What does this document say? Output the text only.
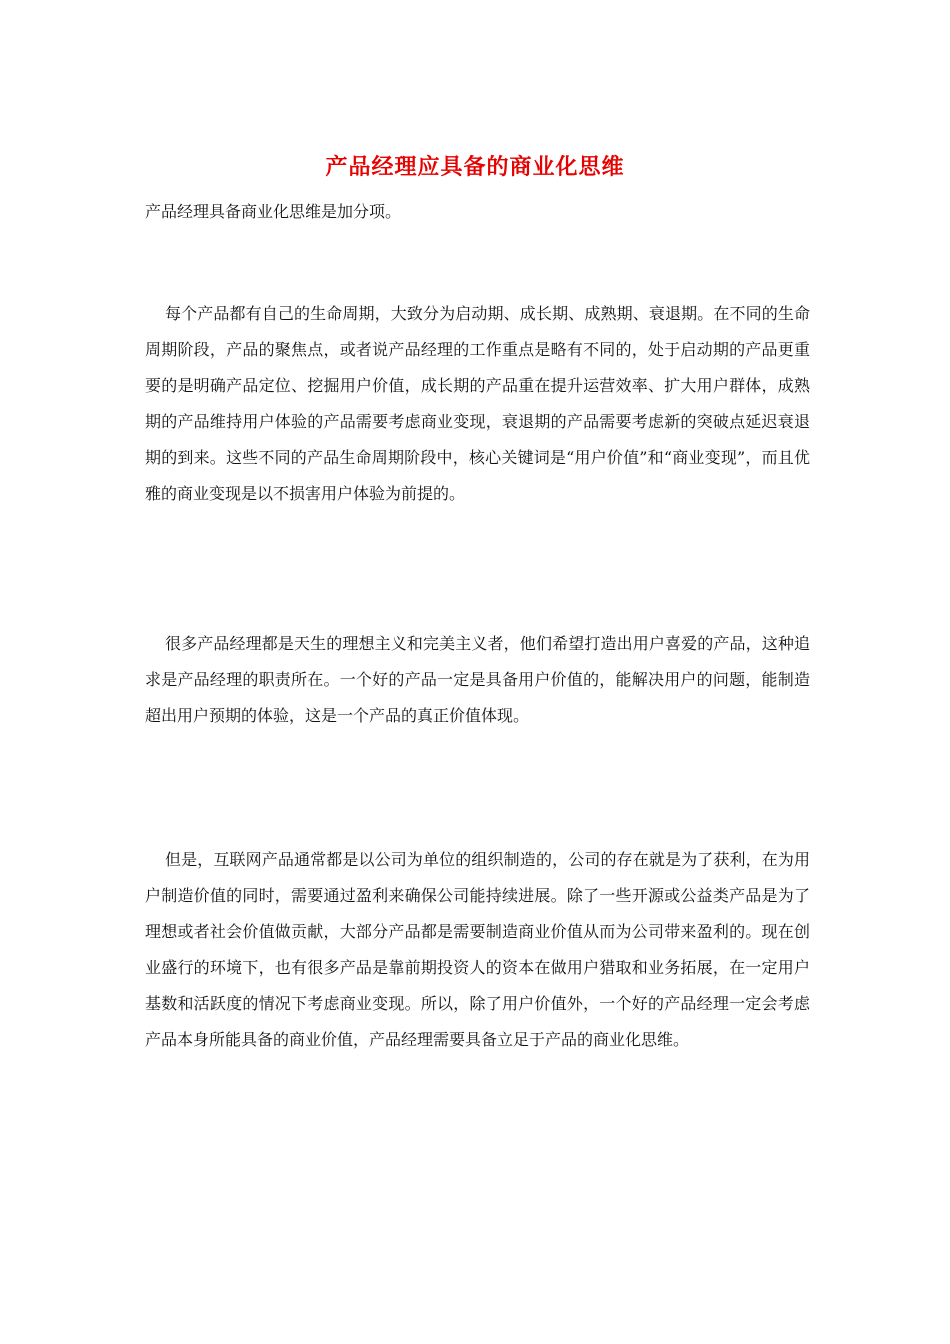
产品经理应具备的商业化思维
产品经理具备商业化思维是加分项。
每个产品都有自己的生命周期，大致分为启动期、成长期、成熟期、衰退期。在不同的生命周期阶段，产品的聚焦点，或者说产品经理的工作重点是略有不同的，处于启动期的产品更重要的是明确产品定位、挖掘用户价值，成长期的产品重在提升运营效率、扩大用户群体，成熟期的产品维持用户体验的产品需要考虑商业变现，衰退期的产品需要考虑新的突破点延迟衰退期的到来。这些不同的产品生命周期阶段中，核心关键词是“用户价值”和“商业变现”，而且优雅的商业变现是以不损害用户体验为前提的。
很多产品经理都是天生的理想主义和完美主义者，他们希望打造出用户喜爱的产品，这种追求是产品经理的职责所在。一个好的产品一定是具备用户价值的，能解决用户的问题，能制造超出用户预期的体验，这是一个产品的真正价值体现。
但是，互联网产品通常都是以公司为单位的组织制造的，公司的存在就是为了获利，在为用户制造价值的同时，需要通过盈利来确保公司能持续进展。除了一些开源或公益类产品是为了理想或者社会价值做贡献，大部分产品都是需要制造商业价值从而为公司带来盈利的。现在创业盛行的环境下，也有很多产品是靠前期投资人的资本在做用户猎取和业务拓展，在一定用户基数和活跃度的情况下考虑商业变现。所以，除了用户价值外，一个好的产品经理一定会考虑产品本身所能具备的商业价值，产品经理需要具备立足于产品的商业化思维。
